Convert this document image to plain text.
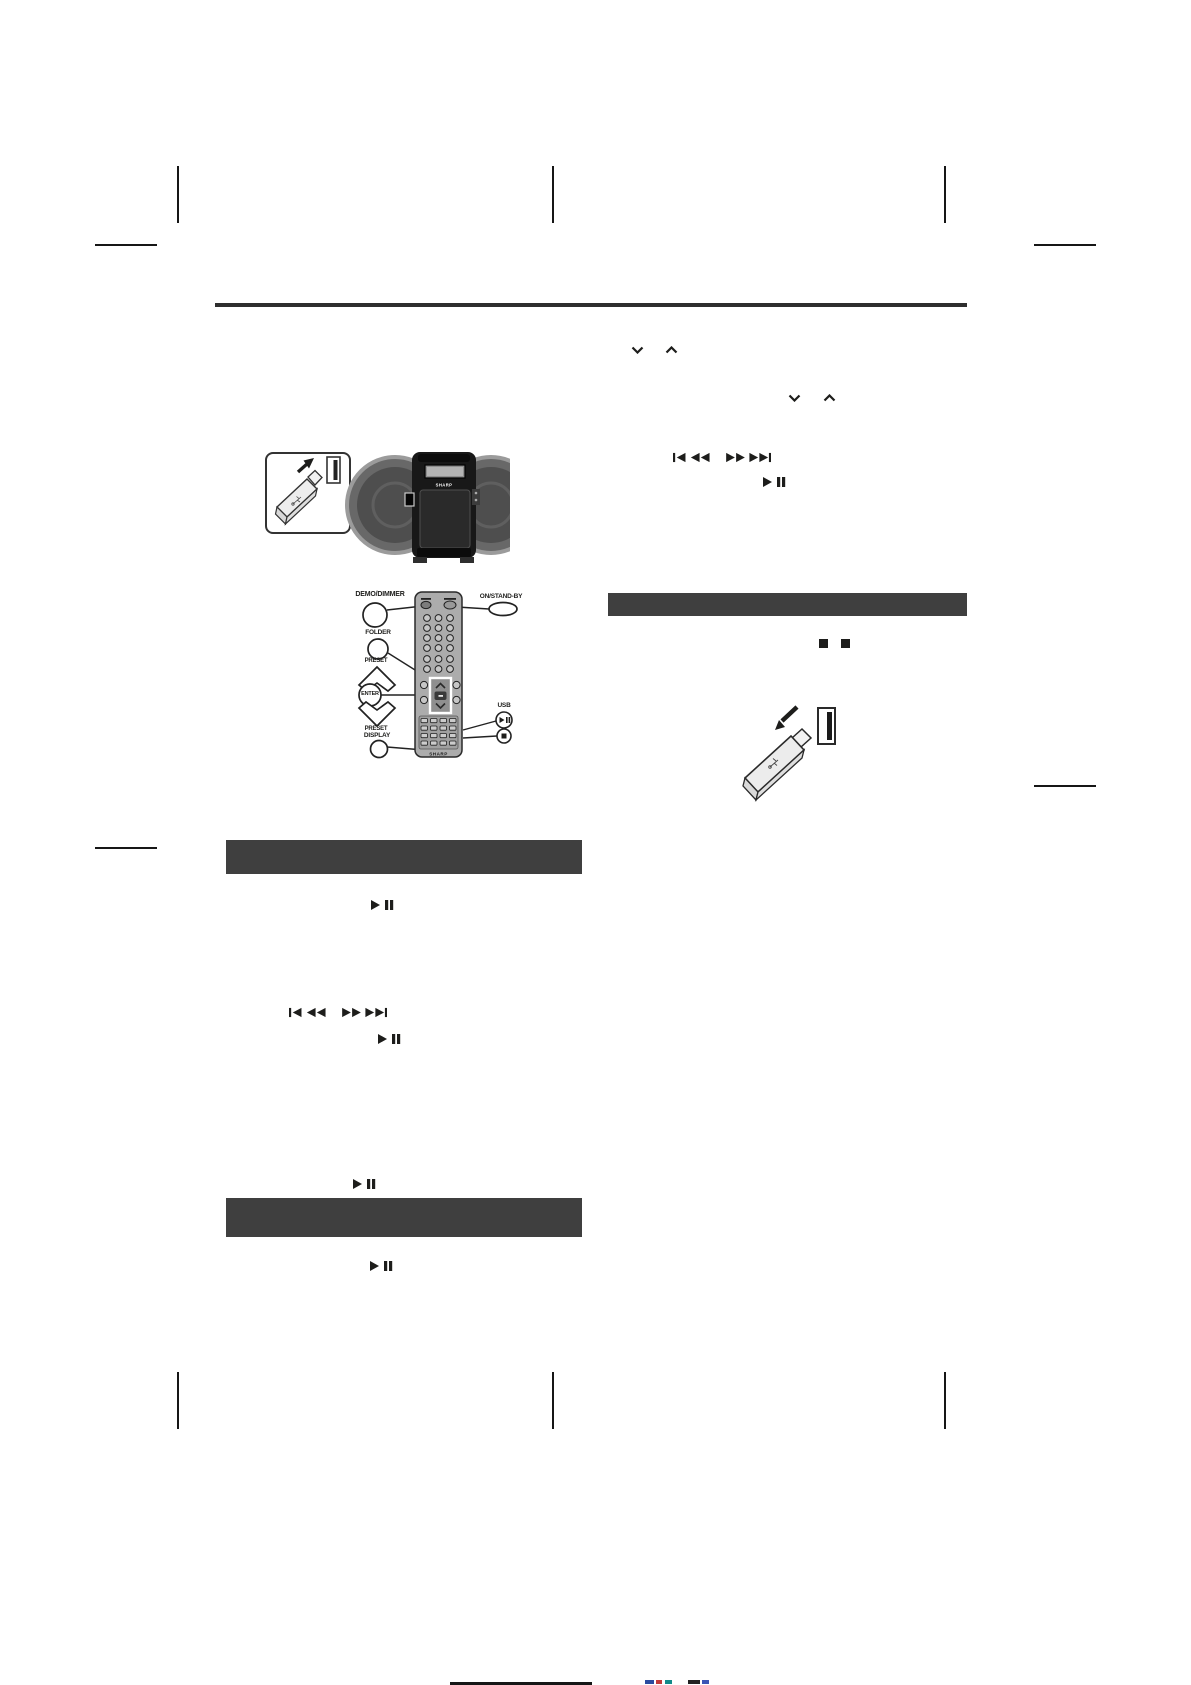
SHARP
SHARP
DEMO/DIMMER	ON/STAND-BY
FOLDER
PRESET
ENTER
PRESET
DISPLAY
USB
